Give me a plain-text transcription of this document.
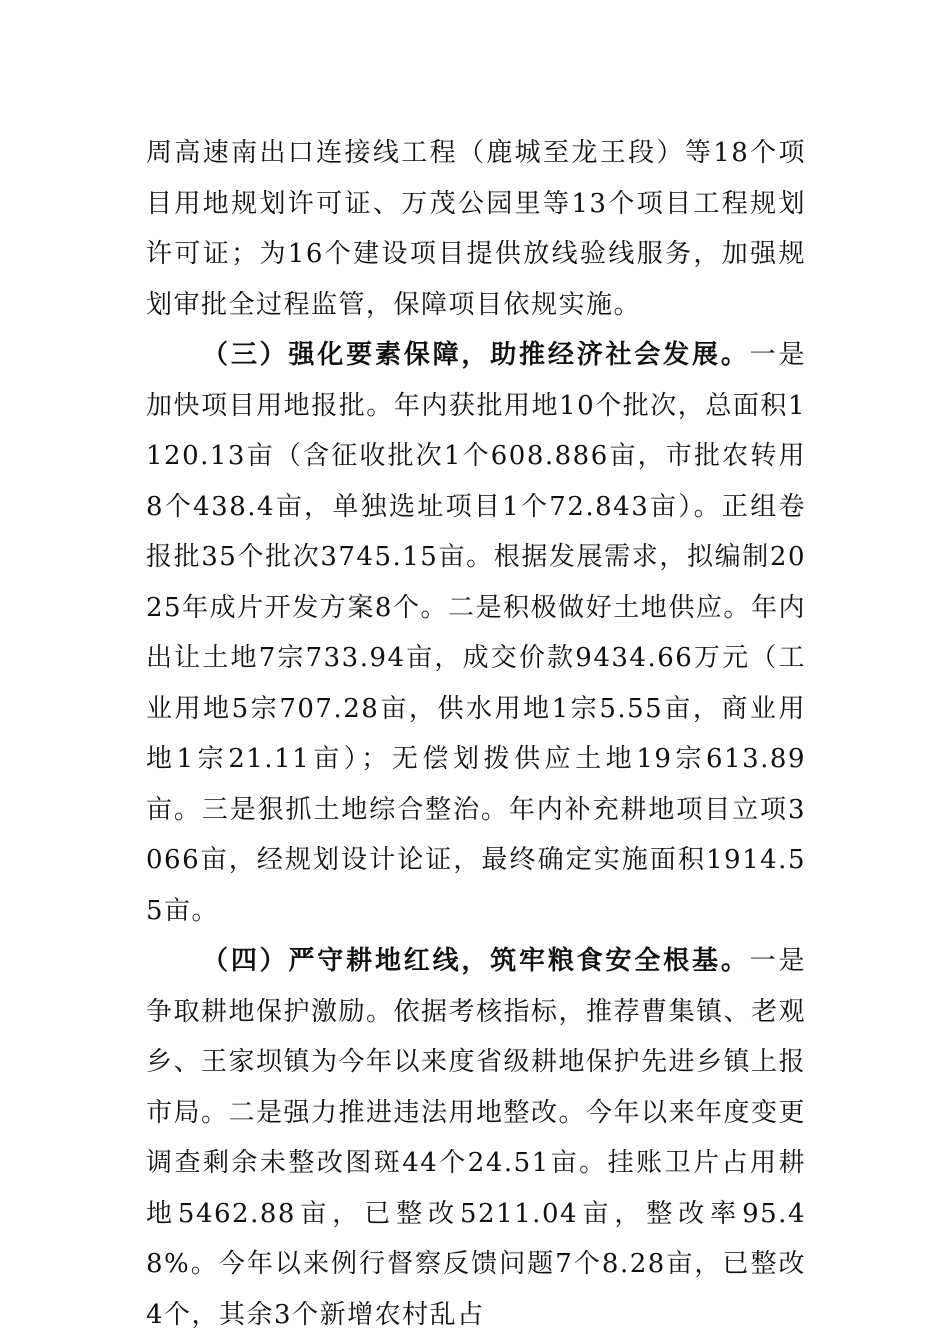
周高速南出口连接线工程（鹿城至龙王段）等18个项目用地规划许可证、万茂公园里等13个项目工程规划许可证；为16个建设项目提供放线验线服务，加强规划审批全过程监管，保障项目依规实施。

（三）强化要素保障，助推经济社会发展。一是加快项目用地报批。年内获批用地10个批次，总面积1120.13亩（含征收批次1个608.886亩，市批农转用8个438.4亩，单独选址项目1个72.843亩）。正组卷报批35个批次3745.15亩。根据发展需求，拟编制2025年成片开发方案8个。二是积极做好土地供应。年内出让土地7宗733.94亩，成交价款9434.66万元（工业用地5宗707.28亩，供水用地1宗5.55亩，商业用地1宗21.11亩）；无偿划拨供应土地19宗613.89亩。三是狠抓土地综合整治。年内补充耕地项目立项3066亩，经规划设计论证，最终确定实施面积1914.55亩。

（四）严守耕地红线，筑牢粮食安全根基。一是争取耕地保护激励。依据考核指标，推荐曹集镇、老观乡、王家坝镇为今年以来度省级耕地保护先进乡镇上报市局。二是强力推进违法用地整改。今年以来年度变更调查剩余未整改图斑44个24.51亩。挂账卫片占用耕地5462.88亩，已整改5211.04亩，整改率95.48%。今年以来例行督察反馈问题7个8.28亩，已整改4个，其余3个新增农村乱占
